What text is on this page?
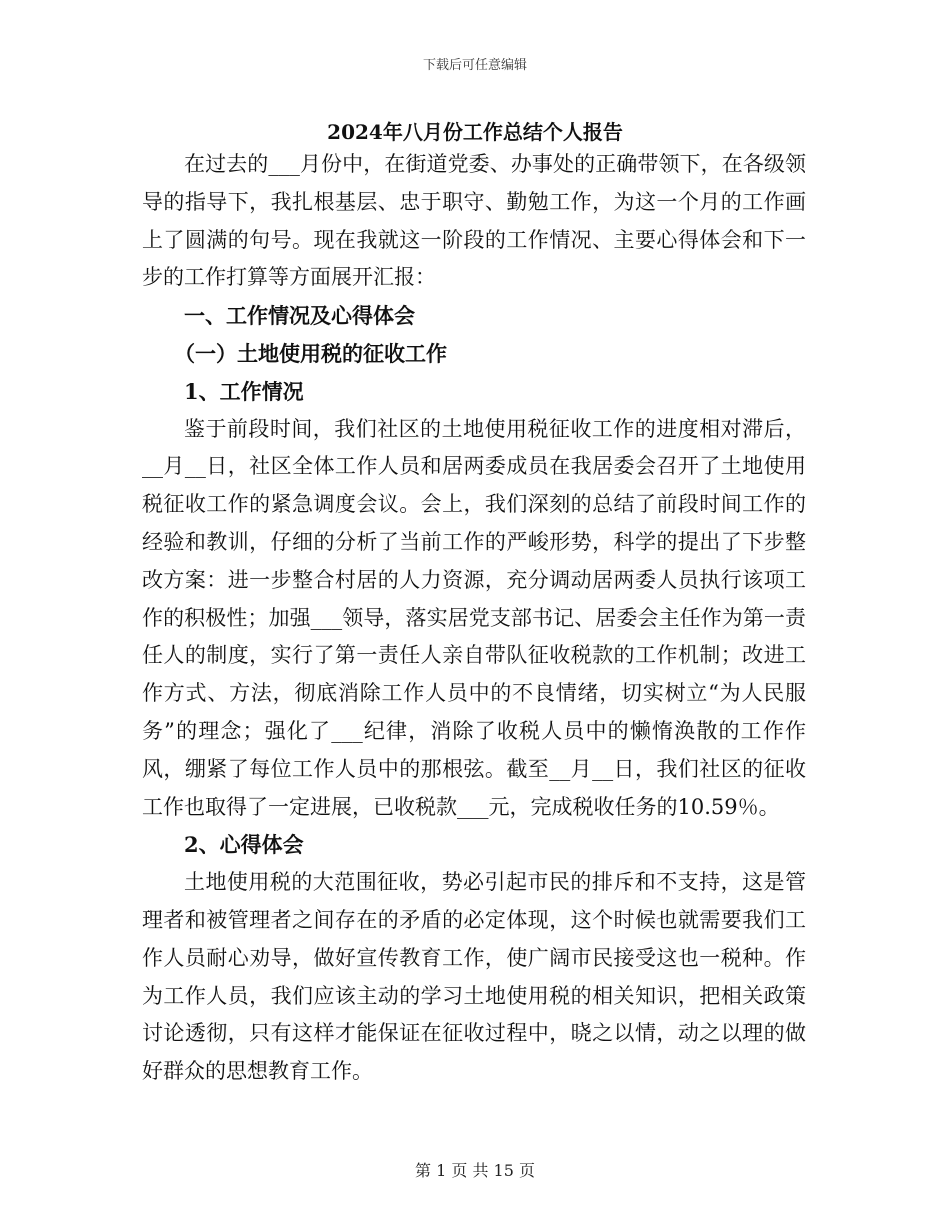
下载后可任意编辑
2024年八月份工作总结个人报告

在过去的___月份中，在街道党委、办事处的正确带领下，在各级领导的指导下，我扎根基层、忠于职守、勤勉工作，为这一个月的工作画上了圆满的句号。现在我就这一阶段的工作情况、主要心得体会和下一步的工作打算等方面展开汇报：

一、工作情况及心得体会

（一）土地使用税的征收工作

1、工作情况

鉴于前段时间，我们社区的土地使用税征收工作的进度相对滞后，__月__日，社区全体工作人员和居两委成员在我居委会召开了土地使用税征收工作的紧急调度会议。会上，我们深刻的总结了前段时间工作的经验和教训，仔细的分析了当前工作的严峻形势，科学的提出了下步整改方案：进一步整合村居的人力资源，充分调动居两委人员执行该项工作的积极性；加强___领导，落实居党支部书记、居委会主任作为第一责任人的制度，实行了第一责任人亲自带队征收税款的工作机制；改进工作方式、方法，彻底消除工作人员中的不良情绪，切实树立“为人民服务”的理念；强化了___纪律，消除了收税人员中的懒惰涣散的工作作风，绷紧了每位工作人员中的那根弦。截至__月__日，我们社区的征收工作也取得了一定进展，已收税款___元，完成税收任务的10.59％。

2、心得体会

土地使用税的大范围征收，势必引起市民的排斥和不支持，这是管理者和被管理者之间存在的矛盾的必定体现，这个时候也就需要我们工作人员耐心劝导，做好宣传教育工作，使广阔市民接受这也一税种。作为工作人员，我们应该主动的学习土地使用税的相关知识，把相关政策讨论透彻，只有这样才能保证在征收过程中，晓之以情，动之以理的做好群众的思想教育工作。

第 1 页 共 15 页
